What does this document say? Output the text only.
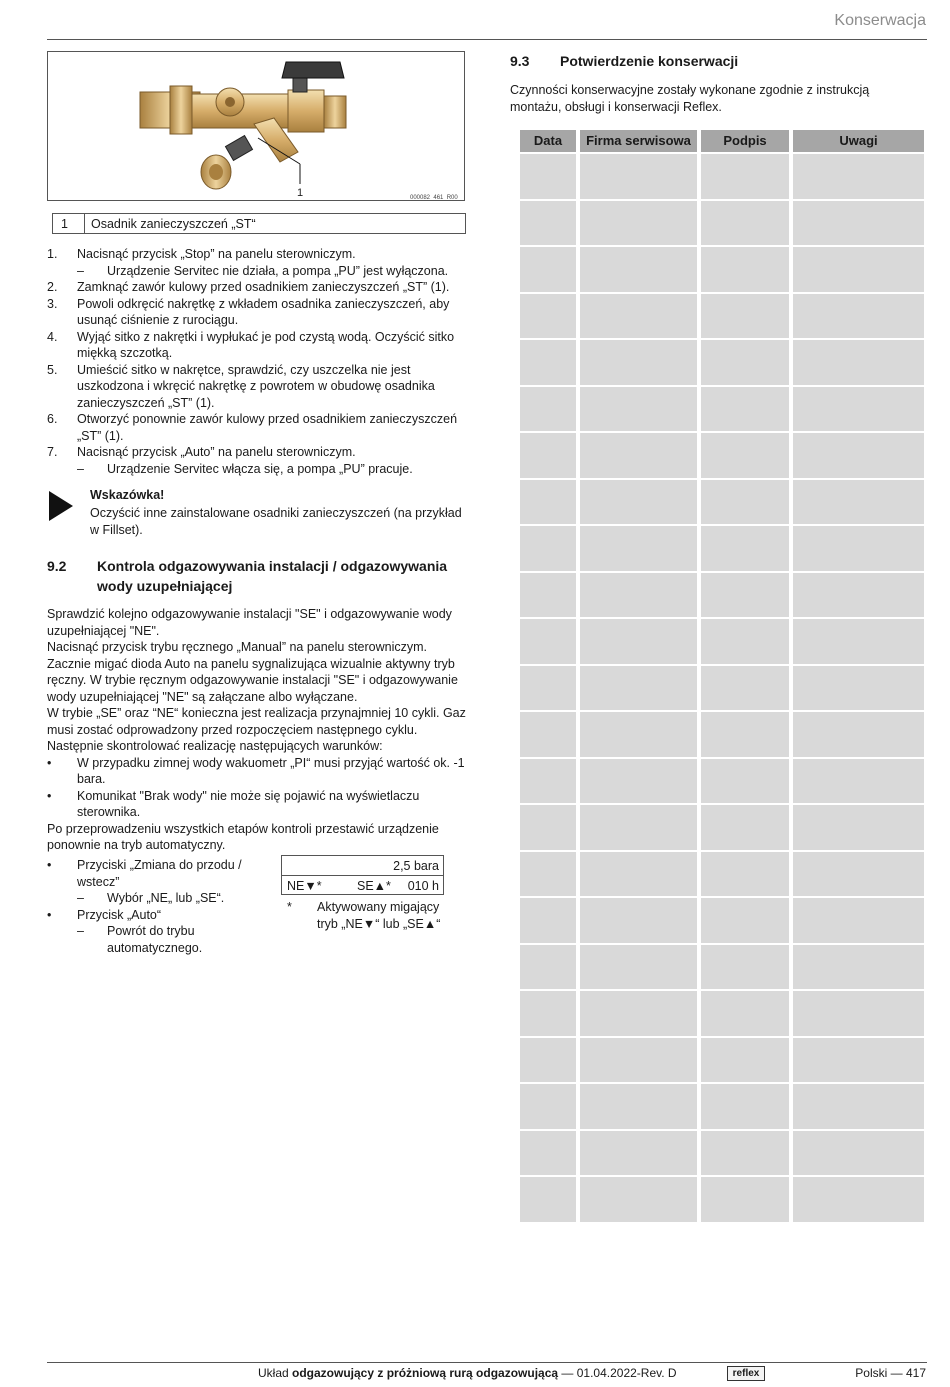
Konserwacja
1	000082_461_R00
1	Osadnik zanieczyszczeń „ST“
1.	Nacisnąć przycisk „Stop” na panelu sterowniczym.
–	Urządzenie Servitec nie działa, a pompa „PU” jest wyłączona.
2.	Zamknąć zawór kulowy przed osadnikiem zanieczyszczeń „ST” (1).
3.	Powoli odkręcić nakrętkę z wkładem osadnika zanieczyszczeń, aby usunąć ciśnienie z rurociągu.
4.	Wyjąć sitko z nakrętki i wypłukać je pod czystą wodą. Oczyścić sitko miękką szczotką.
5.	Umieścić sitko w nakrętce, sprawdzić, czy uszczelka nie jest uszkodzona i wkręcić nakrętkę z powrotem w obudowę osadnika zanieczyszczeń „ST” (1).
6.	Otworzyć ponownie zawór kulowy przed osadnikiem zanieczyszczeń „ST” (1).
7.	Nacisnąć przycisk „Auto” na panelu sterowniczym.
–	Urządzenie Servitec włącza się, a pompa „PU” pracuje.
Wskazówka!
Oczyścić inne zainstalowane osadniki zanieczyszczeń (na przykład w Fillset).
9.2 Kontrola odgazowywania instalacji / odgazowywania wody uzupełniającej

Sprawdzić kolejno odgazowywanie instalacji "SE" i odgazowywanie wody uzupełniającej "NE".

Nacisnąć przycisk trybu ręcznego „Manual” na panelu sterowniczym. Zacznie migać dioda Auto na panelu sygnalizująca wizualnie aktywny tryb ręczny. W trybie ręcznym odgazowywanie instalacji "SE" i odgazowywanie wody uzupełniającej "NE" są załączane albo wyłączane.

W trybie „SE” oraz “NE“ konieczna jest realizacja przynajmniej 10 cykli. Gaz musi zostać odprowadzony przed rozpoczęciem następnego cyklu. Następnie skontrolować realizację następujących warunków:

•	W przypadku zimnej wody wakuometr „PI“ musi przyjąć wartość ok. -1 bara.
•	Komunikat "Brak wody" nie może się pojawić na wyświetlaczu sterownika.

Po przeprowadzeniu wszystkich etapów kontroli przestawić urządzenie ponownie na tryb automatyczny.

•	Przyciski „Zmiana do przodu / wstecz”
–	Wybór „NE„ lub „SE“.
•	Przycisk „Auto“
–	Powrót do trybu automatycznego.
2,5 bara
NE▼*	SE▲* 010 h
*	Aktywowany migający tryb „NE▼“ lub „SE▲“
9.3 Potwierdzenie konserwacji
Czynności konserwacyjne zostały wykonane zgodnie z instrukcją montażu, obsługi i konserwacji Reflex.
Data	Firma serwisowa	Podpis	Uwagi
Układ odgazowujący z próżniową rurą odgazowującą — 01.04.2022-Rev. D	reflex	Polski — 417
